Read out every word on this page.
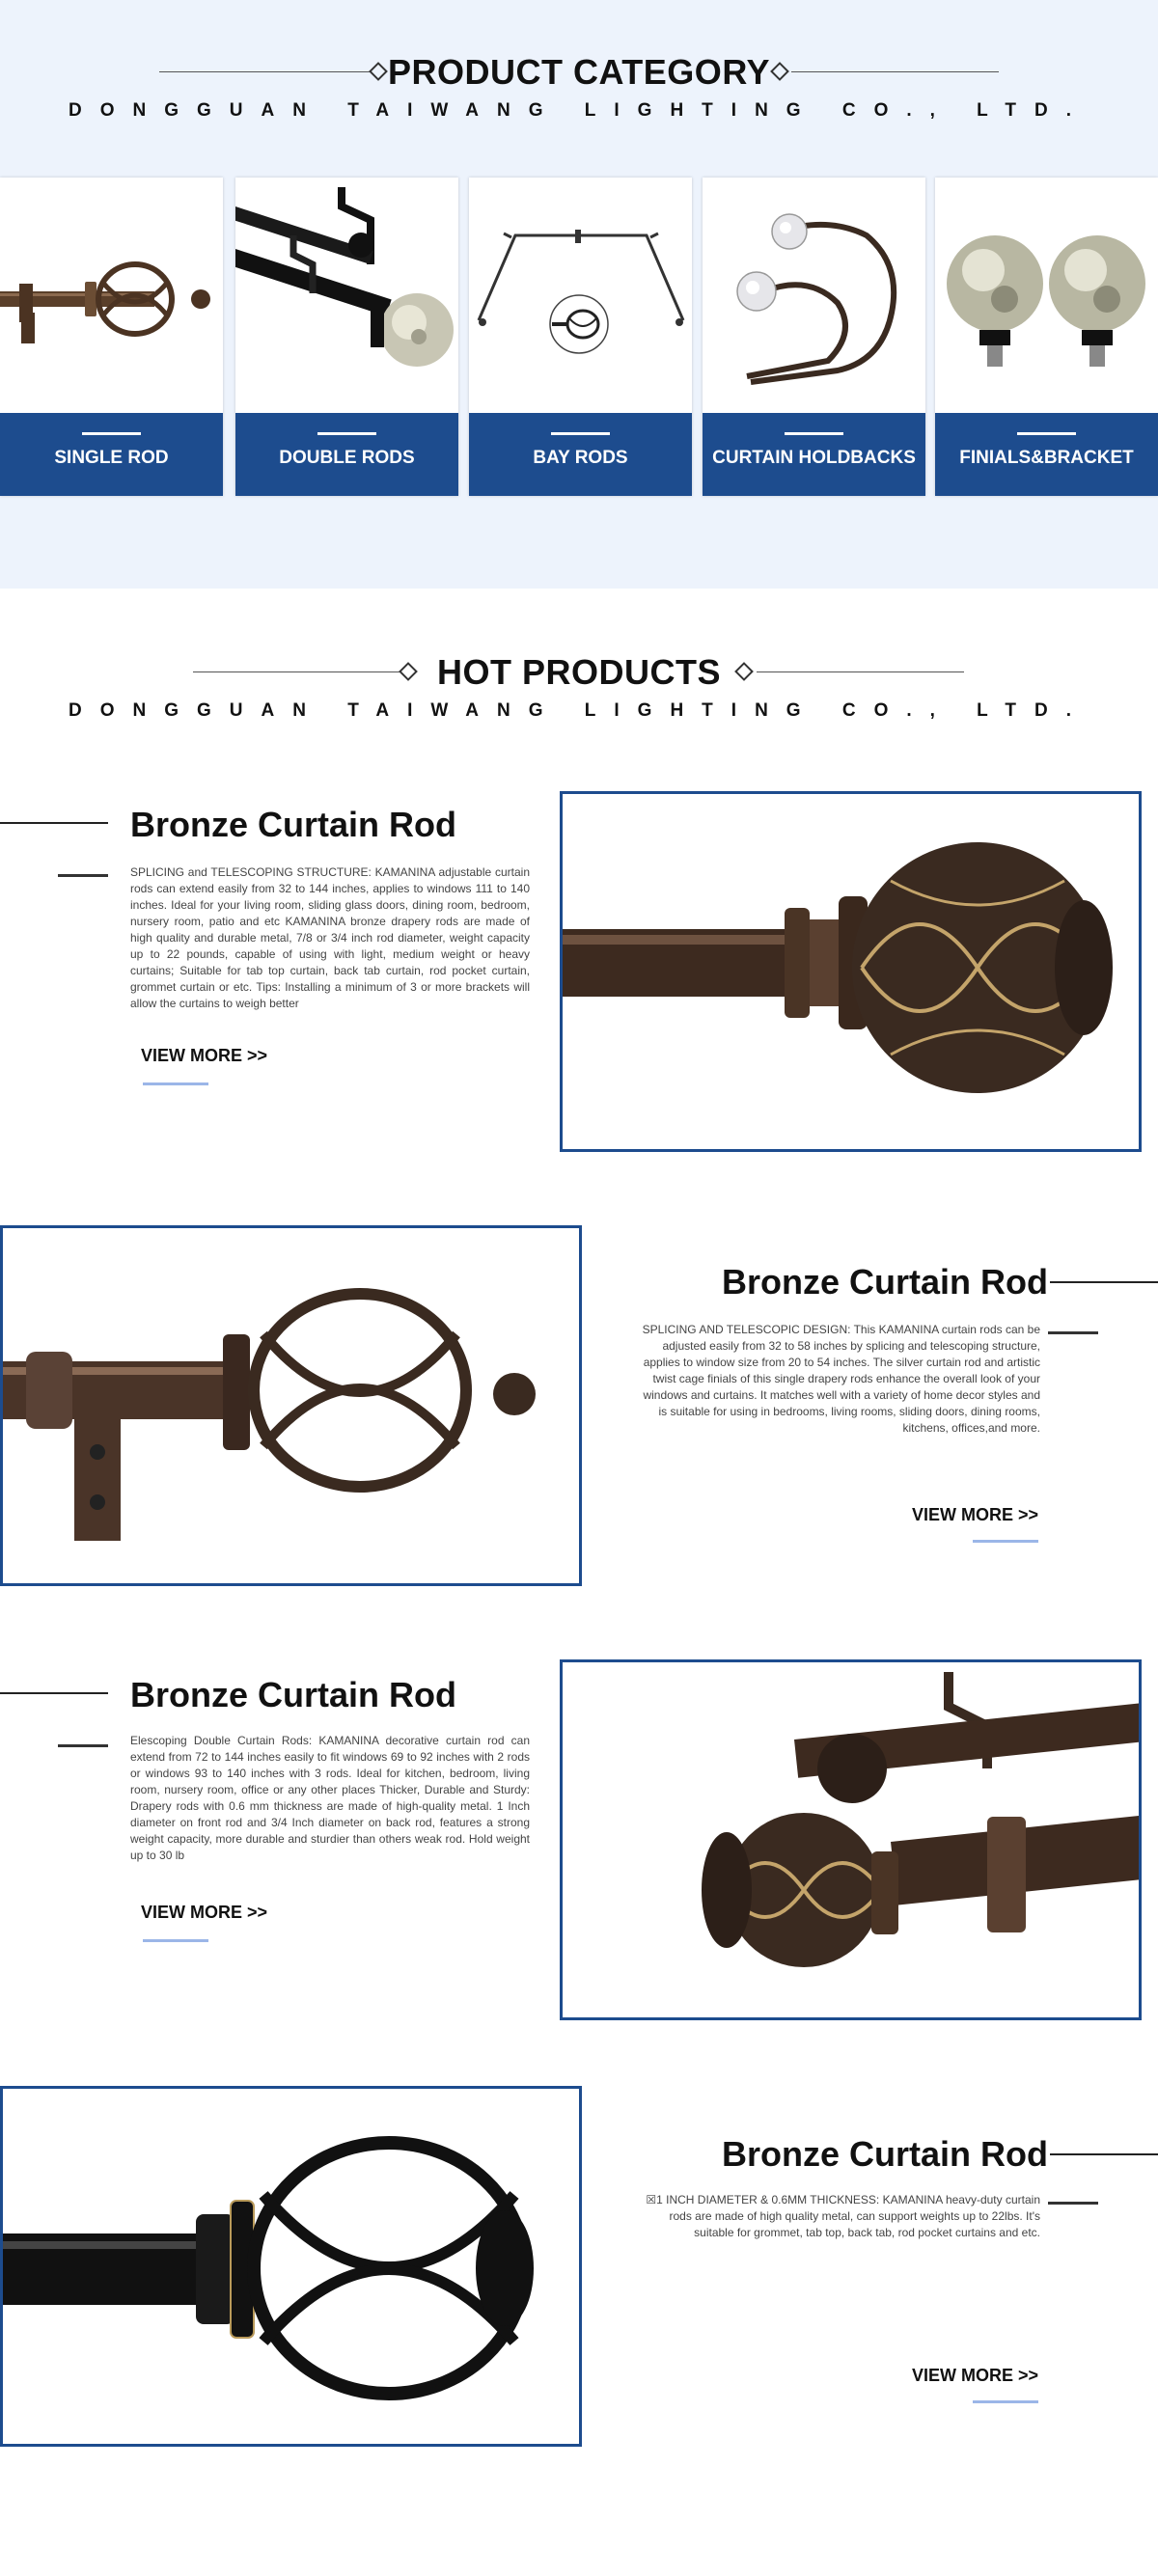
PRODUCT CATEGORY
DONGGUAN TAIWANG LIGHTING CO., LTD.
SINGLE ROD	DOUBLE RODS	BAY RODS	CURTAIN HOLDBACKS	FINIALS&BRACKET
HOT PRODUCTS
DONGGUAN TAIWANG LIGHTING CO., LTD.
Bronze Curtain Rod

SPLICING and TELESCOPING STRUCTURE: KAMANINA adjustable curtain rods can extend easily from 32 to 144 inches, applies to windows 111 to 140 inches. Ideal for your living room, sliding glass doors, dining room, bedroom, nursery room, patio and etc KAMANINA bronze drapery rods are made of high quality and durable metal, 7/8 or 3/4 inch rod diameter, weight capacity up to 22 pounds, capable of using with light, medium weight or heavy curtains; Suitable for tab top curtain, back tab curtain, rod pocket curtain, grommet curtain or etc. Tips: Installing a minimum of 3 or more brackets will allow the curtains to weigh better

VIEW MORE >>
Bronze Curtain Rod

SPLICING AND TELESCOPIC DESIGN: This KAMANINA curtain rods can be adjusted easily from 32 to 58 inches by splicing and telescoping structure, applies to window size from 20 to 54 inches. The silver curtain rod and artistic twist cage finials of this single drapery rods enhance the overall look of your windows and curtains. It matches well with a variety of home decor styles and is suitable for using in bedrooms, living rooms, sliding doors, dining rooms, kitchens, offices,and more.

VIEW MORE >>
Bronze Curtain Rod

Elescoping Double Curtain Rods: KAMANINA decorative curtain rod can extend from 72 to 144 inches easily to fit windows 69 to 92 inches with 2 rods or windows 93 to 140 inches with 3 rods. Ideal for kitchen, bedroom, living room, nursery room, office or any other places Thicker, Durable and Sturdy: Drapery rods with 0.6 mm thickness are made of high-quality metal. 1 Inch diameter on front rod and 3/4 Inch diameter on back rod, features a strong weight capacity, more durable and sturdier than others weak rod. Hold weight up to 30 lb

VIEW MORE >>
Bronze Curtain Rod

☒1 INCH DIAMETER & 0.6MM THICKNESS: KAMANINA heavy-duty curtain rods are made of high quality metal, can support weights up to 22lbs. It's suitable for grommet, tab top, back tab, rod pocket curtains and etc.

VIEW MORE >>
